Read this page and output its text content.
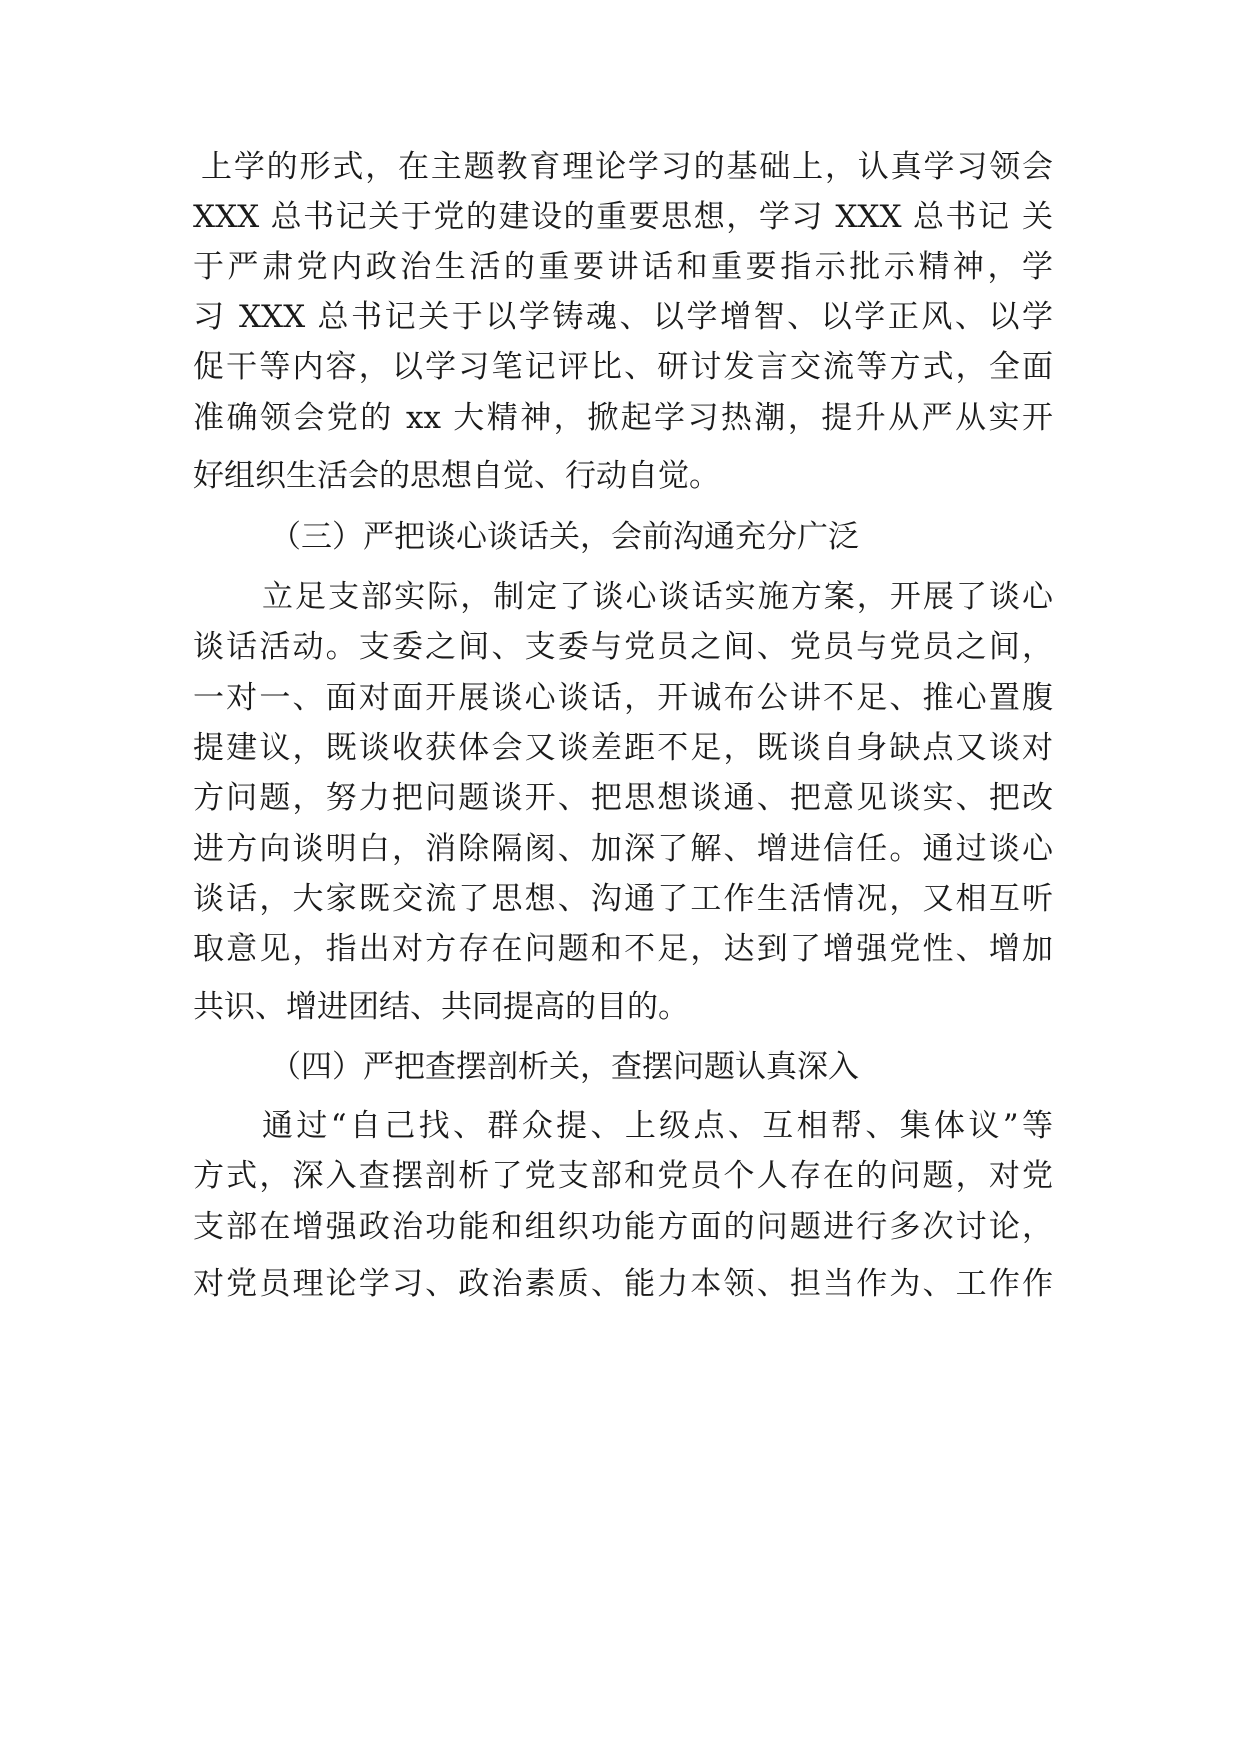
上学的形式，在主题教育理论学习的基础上，认真学习领会
XXX 总书记关于党的建设的重要思想，学习 XXX 总书记 关
于严肃党内政治生活的重要讲话和重要指示批示精神，学
习 XXX 总书记关于以学铸魂、以学增智、以学正风、以学
促干等内容，以学习笔记评比、研讨发言交流等方式，全面
准确领会党的 xx 大精神，掀起学习热潮，提升从严从实开
好组织生活会的思想自觉、行动自觉。
（三）严把谈心谈话关，会前沟通充分广泛
立足支部实际，制定了谈心谈话实施方案，开展了谈心
谈话活动。支委之间、支委与党员之间、党员与党员之间，
一对一、面对面开展谈心谈话，开诚布公讲不足、推心置腹
提建议，既谈收获体会又谈差距不足，既谈自身缺点又谈对
方问题，努力把问题谈开、把思想谈通、把意见谈实、把改
进方向谈明白，消除隔阂、加深了解、增进信任。通过谈心
谈话，大家既交流了思想、沟通了工作生活情况，又相互听
取意见，指出对方存在问题和不足，达到了增强党性、增加
共识、增进团结、共同提高的目的。
（四）严把查摆剖析关，查摆问题认真深入
通过“自己找、群众提、上级点、互相帮、集体议”等
方式，深入查摆剖析了党支部和党员个人存在的问题，对党
支部在增强政治功能和组织功能方面的问题进行多次讨论，
对党员理论学习、政治素质、能力本领、担当作为、工作作
